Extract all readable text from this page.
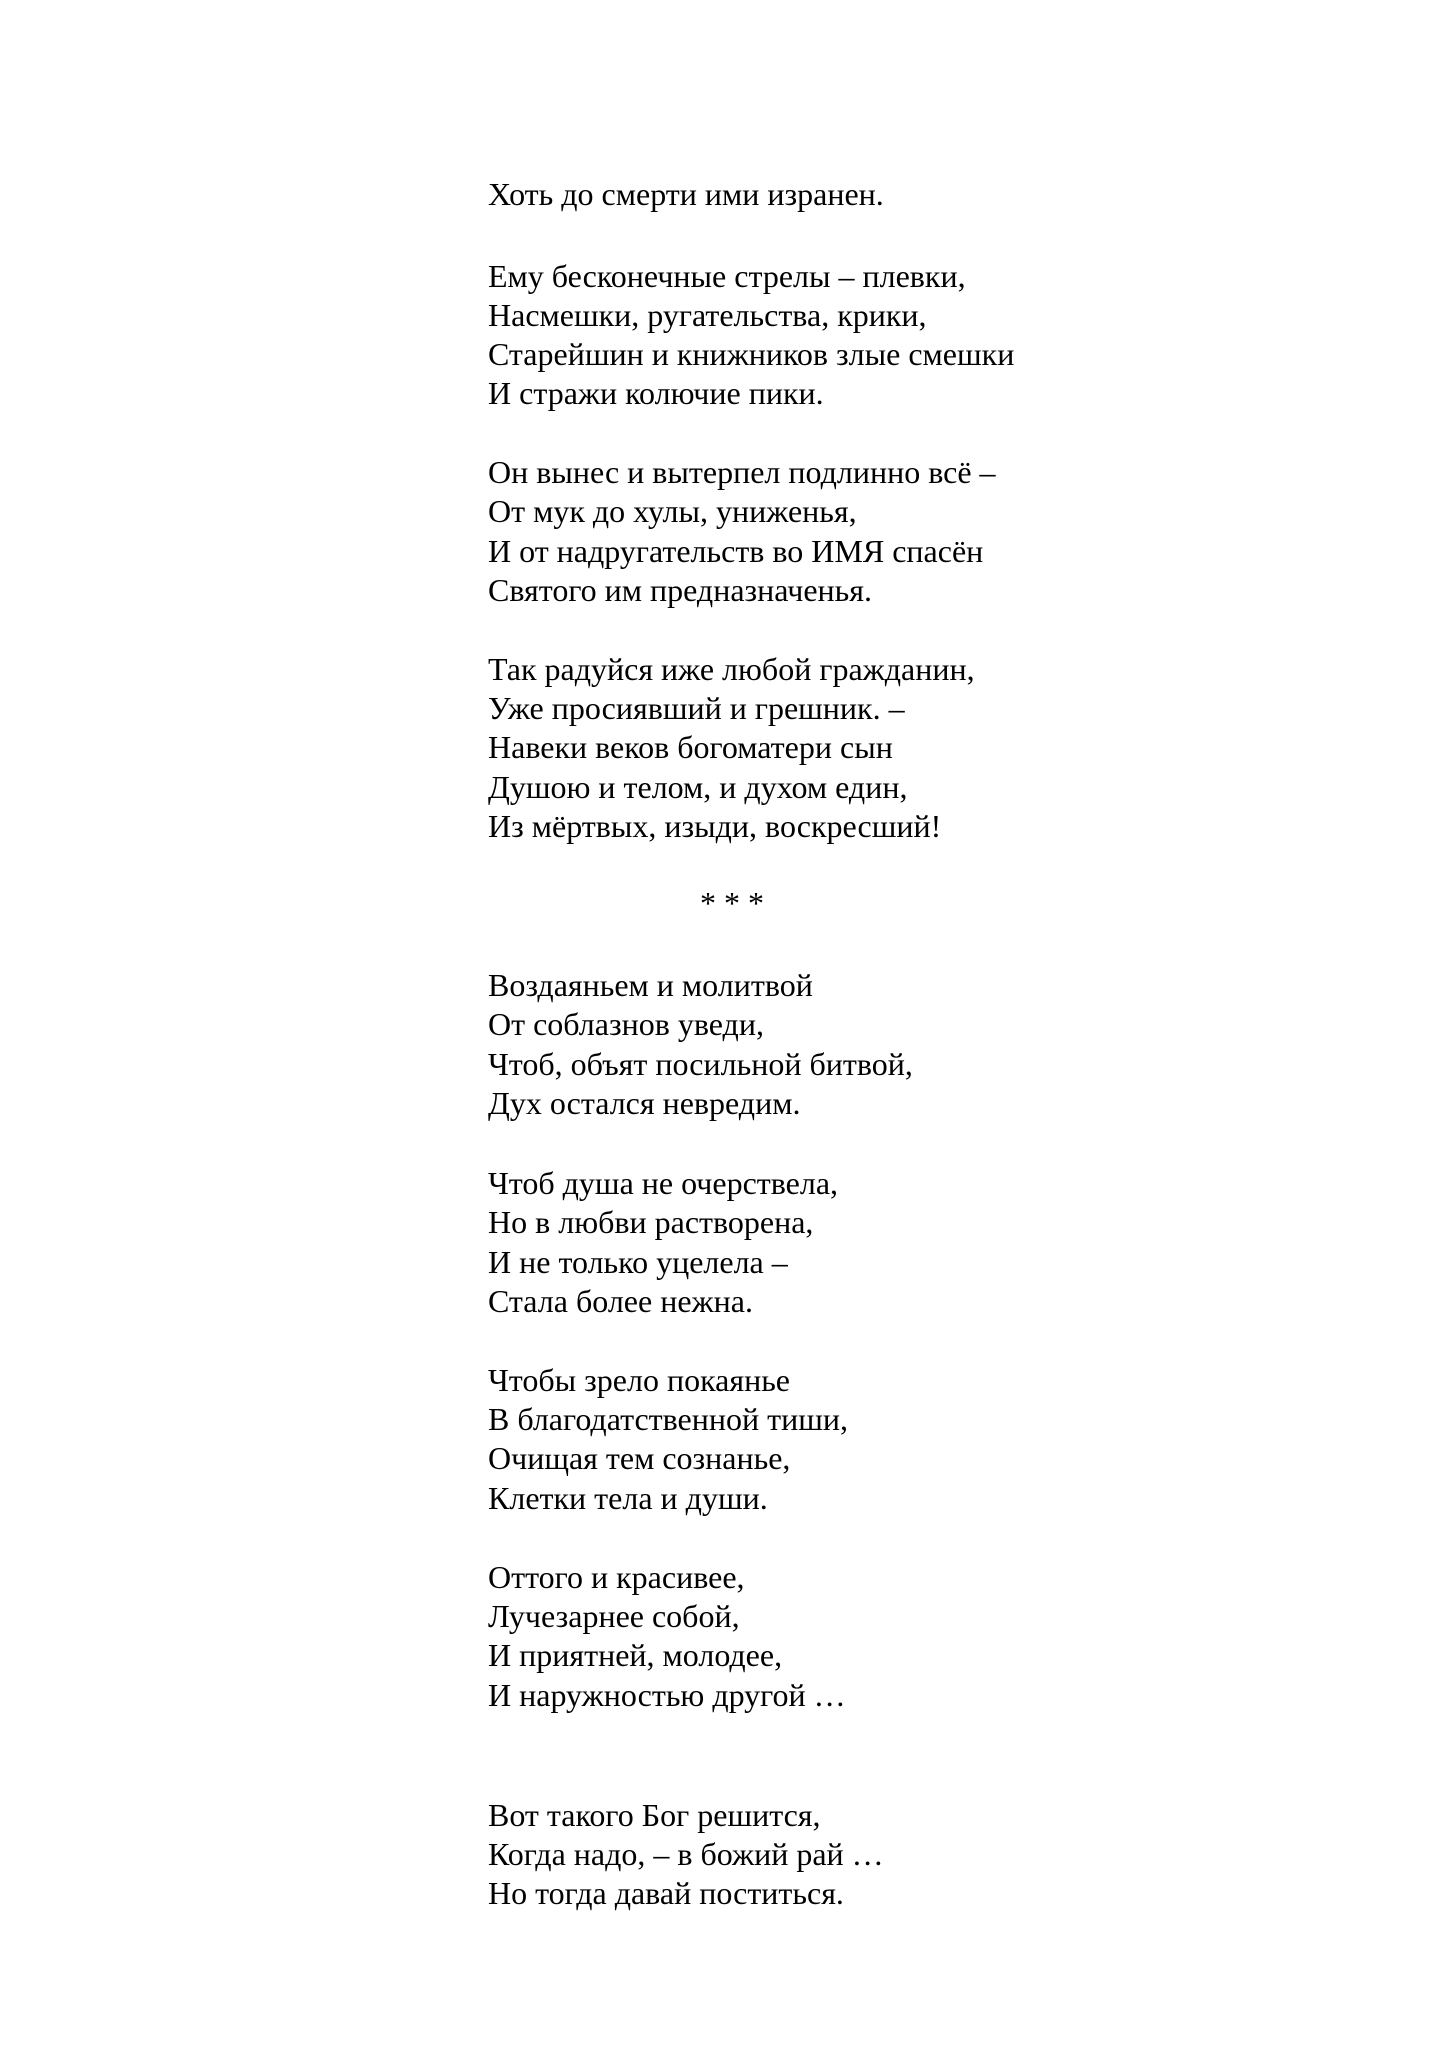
Хоть до смерти ими изранен.
Ему бесконечные стрелы – плевки,
Насмешки, ругательства, крики,
Старейшин и книжников злые смешки
И стражи колючие пики.
Он вынес и вытерпел подлинно всё –
От мук до хулы, униженья,
И от надругательств во ИМЯ спасён
Святого им предназначенья.
Так радуйся иже любой гражданин,
Уже просиявший и грешник. –
Навеки веков богоматери сын
Душою и телом, и духом един,
Из мёртвых, изыди, воскресший!
* * *
Воздаяньем и молитвой
От соблазнов уведи,
Чтоб, объят посильной битвой,
Дух остался невредим.
Чтоб душа не очерствела,
Но в любви растворена,
И не только уцелела –
Стала более нежна.
Чтобы зрело покаянье
В благодатственной тиши,
Очищая тем сознанье,
Клетки тела и души.
Оттого и красивее,
Лучезарнее собой,
И приятней, молодее,
И наружностью другой …
Вот такого Бог решится,
Когда надо, – в божий рай …
Но тогда давай поститься.
